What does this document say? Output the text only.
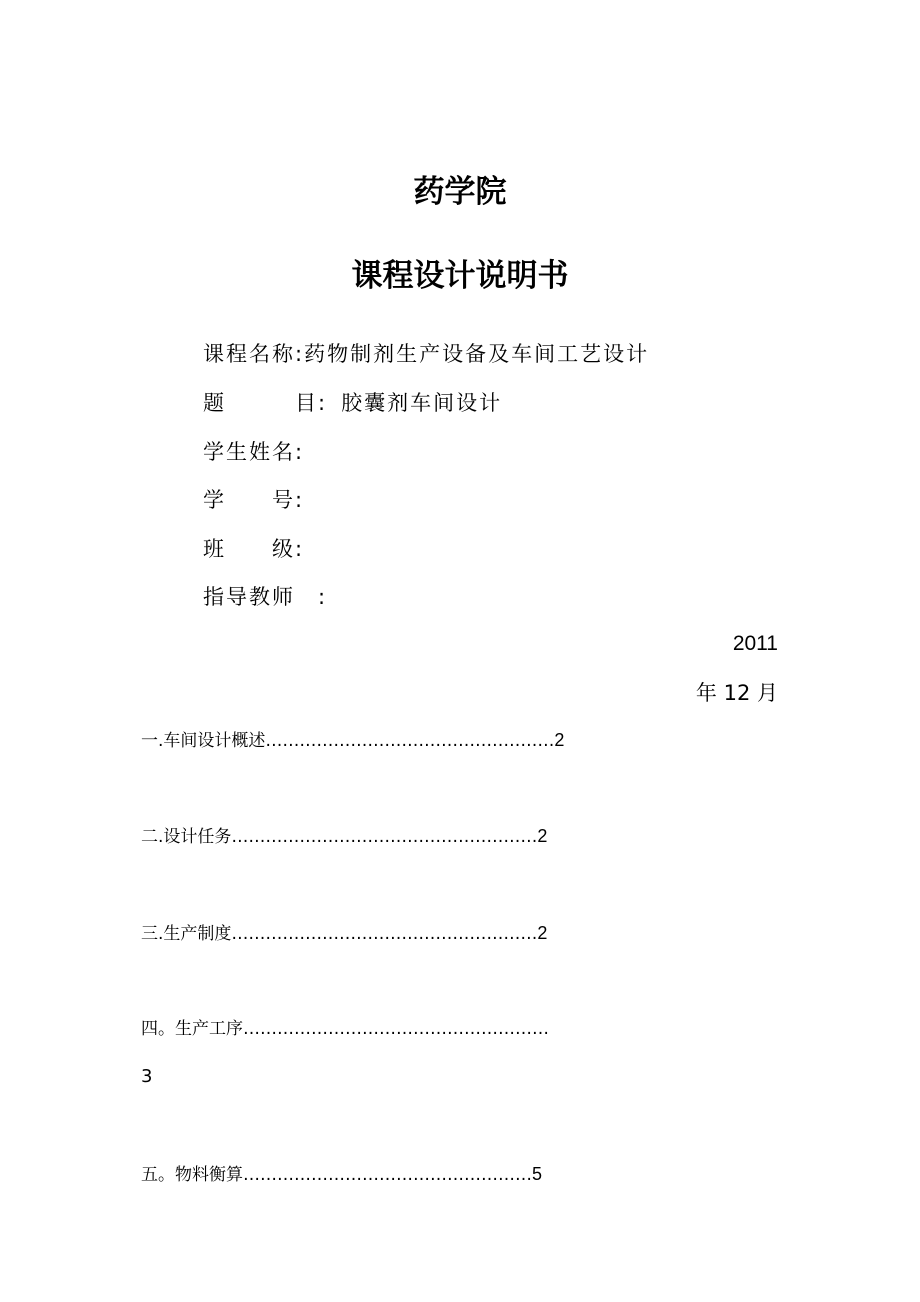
药学院
课程设计说明书
课程名称:药物制剂生产设备及车间工艺设计
题　　　目: 胶囊剂车间设计
学生姓名:
学　　号:
班　　级:
指导教师　:
2011
年 12 月
一.车间设计概述……………………………………………2
二.设计任务………………………………………………2
三.生产制度………………………………………………2
四。生产工序………………………………………………
3
五。物料衡算……………………………………………5
